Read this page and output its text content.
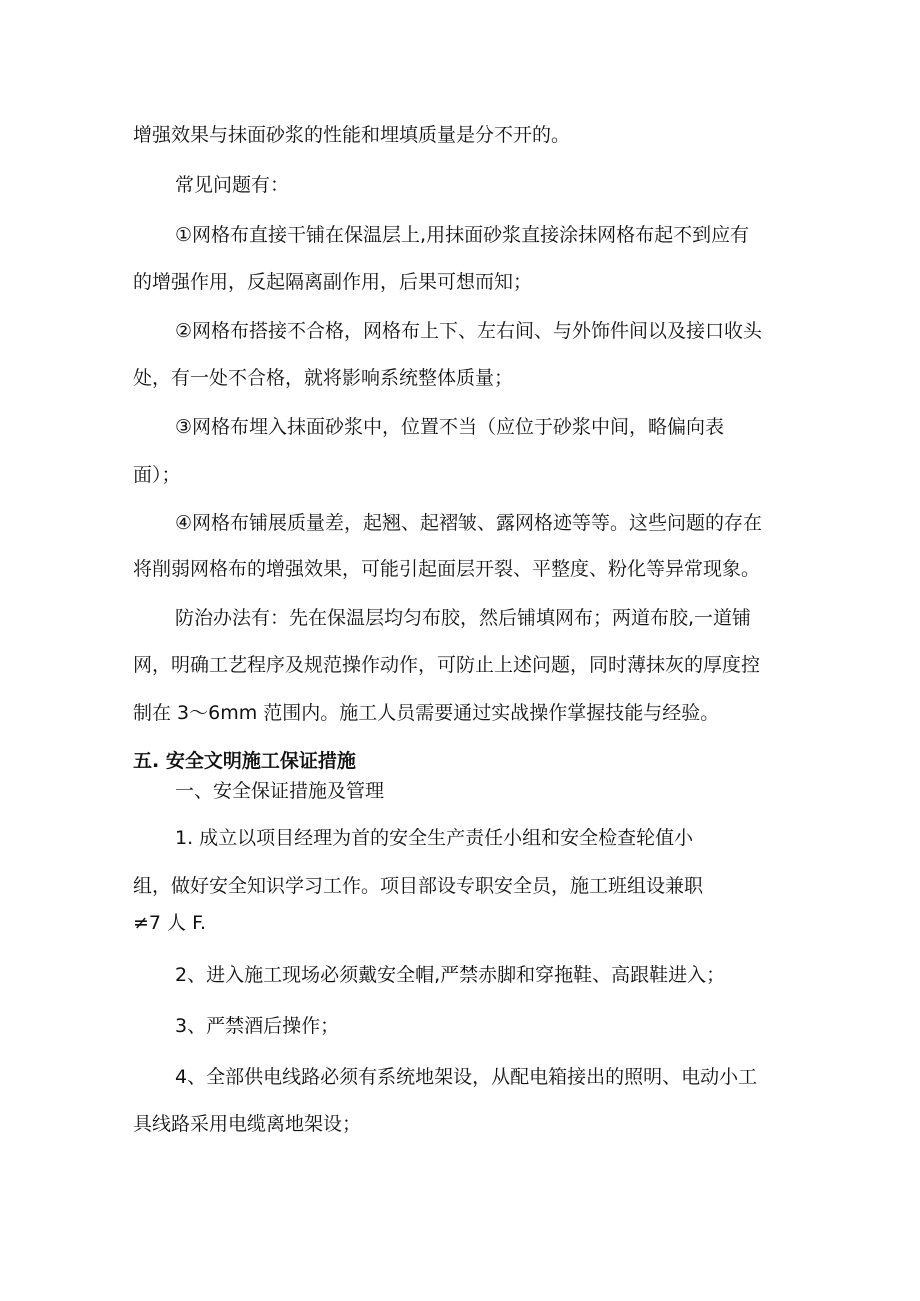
增强效果与抹面砂浆的性能和埋填质量是分不开的。

常见问题有：

①网格布直接干铺在保温层上,用抹面砂浆直接涂抹网格布起不到应有

的增强作用，反起隔离副作用，后果可想而知；

②网格布搭接不合格，网格布上下、左右间、与外饰件间以及接口收头

处，有一处不合格，就将影响系统整体质量；

③网格布埋入抹面砂浆中，位置不当（应位于砂浆中间，略偏向表

面）；

④网格布铺展质量差，起翘、起褶皱、露网格迹等等。这些问题的存在

将削弱网格布的增强效果，可能引起面层开裂、平整度、粉化等异常现象。

防治办法有：先在保温层均匀布胶，然后铺填网布；两道布胶,一道铺

网，明确工艺程序及规范操作动作，可防止上述问题，同时薄抹灰的厚度控

制在 3～6mm 范围内。施工人员需要通过实战操作掌握技能与经验。

五. 安全文明施工保证措施

一、安全保证措施及管理

1. 成立以项目经理为首的安全生产责任小组和安全检查轮值小

组，做好安全知识学习工作。项目部设专职安全员，施工班组设兼职

≠7 人 F.

2、进入施工现场必须戴安全帽,严禁赤脚和穿拖鞋、高跟鞋进入；

3、严禁酒后操作；

4、全部供电线路必须有系统地架设，从配电箱接出的照明、电动小工

具线路采用电缆离地架设；
